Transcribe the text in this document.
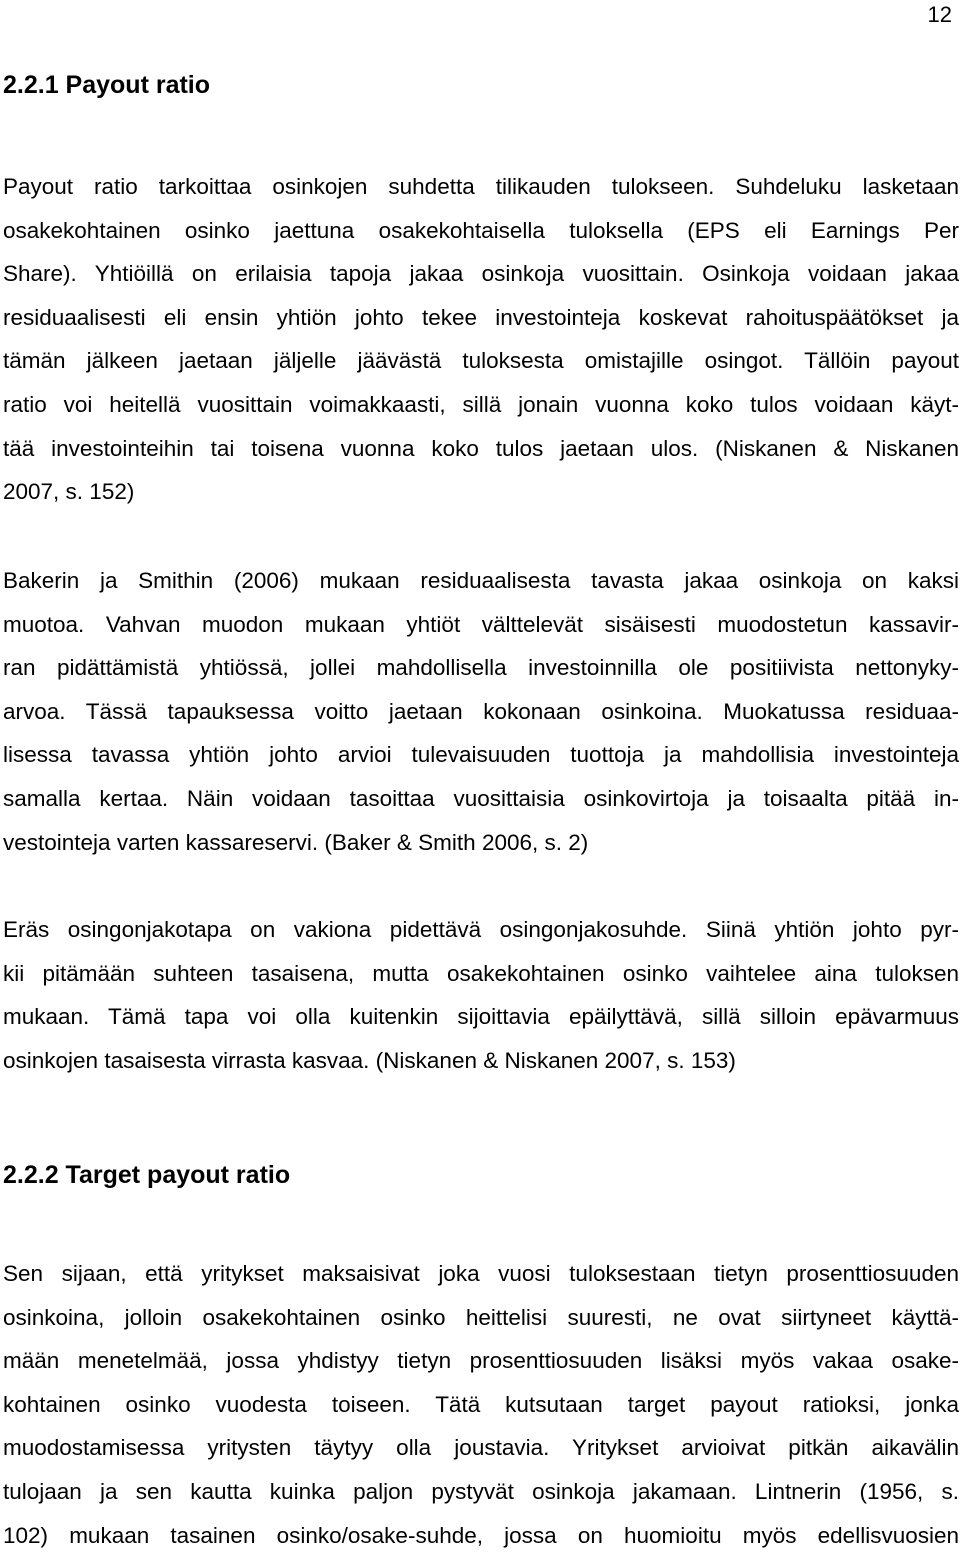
12
2.2.1 Payout ratio
Payout ratio tarkoittaa osinkojen suhdetta tilikauden tulokseen. Suhdeluku lasketaan
osakekohtainen osinko jaettuna osakekohtaisella tuloksella (EPS eli Earnings Per
Share). Yhtiöillä on erilaisia tapoja jakaa osinkoja vuosittain. Osinkoja voidaan jakaa
residuaalisesti eli ensin yhtiön johto tekee investointeja koskevat rahoituspäätökset ja
tämän jälkeen jaetaan jäljelle jäävästä tuloksesta omistajille osingot. Tällöin payout
ratio voi heitellä vuosittain voimakkaasti, sillä jonain vuonna koko tulos voidaan käyt-
tää investointeihin tai toisena vuonna koko tulos jaetaan ulos. (Niskanen & Niskanen
2007, s. 152)
Bakerin ja Smithin (2006) mukaan residuaalisesta tavasta jakaa osinkoja on kaksi
muotoa. Vahvan muodon mukaan yhtiöt välttelevät sisäisesti muodostetun kassavir-
ran pidättämistä yhtiössä, jollei mahdollisella investoinnilla ole positiivista nettonyky-
arvoa. Tässä tapauksessa voitto jaetaan kokonaan osinkoina. Muokatussa residuaa-
lisessa tavassa yhtiön johto arvioi tulevaisuuden tuottoja ja mahdollisia investointeja
samalla kertaa. Näin voidaan tasoittaa vuosittaisia osinkovirtoja ja toisaalta pitää in-
vestointeja varten kassareservi. (Baker & Smith 2006, s. 2)
Eräs osingonjakotapa on vakiona pidettävä osingonjakosuhde. Siinä yhtiön johto pyr-
kii pitämään suhteen tasaisena, mutta osakekohtainen osinko vaihtelee aina tuloksen
mukaan. Tämä tapa voi olla kuitenkin sijoittavia epäilyttävä, sillä silloin epävarmuus
osinkojen tasaisesta virrasta kasvaa. (Niskanen & Niskanen 2007, s. 153)
2.2.2 Target payout ratio
Sen sijaan, että yritykset maksaisivat joka vuosi tuloksestaan tietyn prosenttiosuuden
osinkoina, jolloin osakekohtainen osinko heittelisi suuresti, ne ovat siirtyneet käyttä-
mään menetelmää, jossa yhdistyy tietyn prosenttiosuuden lisäksi myös vakaa osake-
kohtainen osinko vuodesta toiseen. Tätä kutsutaan target payout ratioksi, jonka
muodostamisessa yritysten täytyy olla joustavia. Yritykset arvioivat pitkän aikavälin
tulojaan ja sen kautta kuinka paljon pystyvät osinkoja jakamaan. Lintnerin (1956, s.
102) mukaan tasainen osinko/osake-suhde, jossa on huomioitu myös edellisvuosien
